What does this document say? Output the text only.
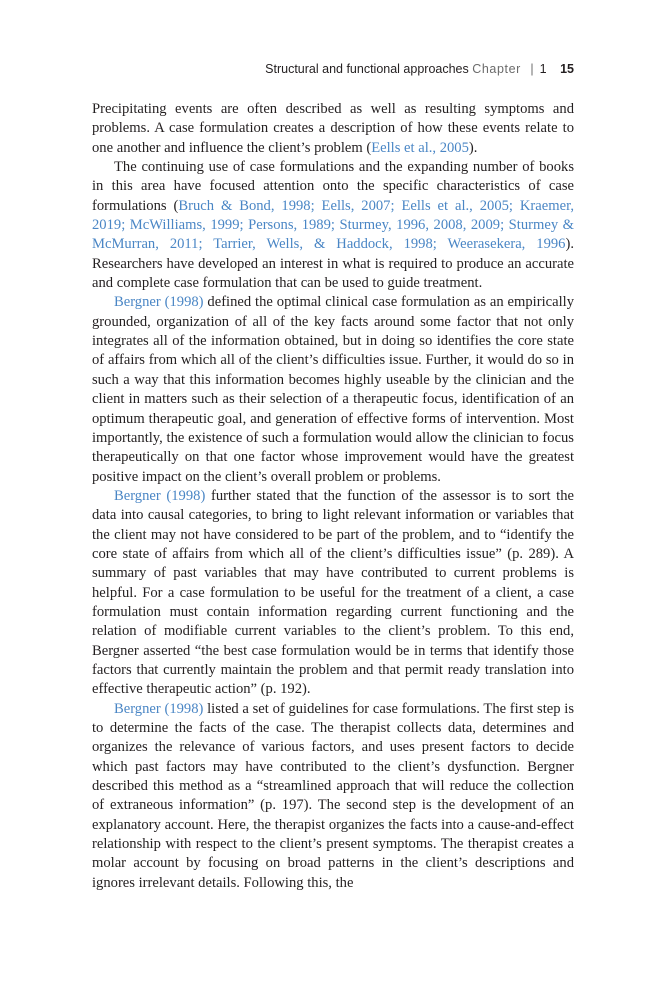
Structural and functional approaches Chapter | 1 15

Precipitating events are often described as well as resulting symptoms and problems. A case formulation creates a description of how these events relate to one another and influence the client’s problem (Eells et al., 2005).

The continuing use of case formulations and the expanding number of books in this area have focused attention onto the specific characteristics of case formulations (Bruch & Bond, 1998; Eells, 2007; Eells et al., 2005; Kraemer, 2019; McWilliams, 1999; Persons, 1989; Sturmey, 1996, 2008, 2009; Sturmey & McMurran, 2011; Tarrier, Wells, & Haddock, 1998; Weerasekera, 1996). Researchers have developed an interest in what is required to produce an accurate and complete case formulation that can be used to guide treatment.

Bergner (1998) defined the optimal clinical case formulation as an empirically grounded, organization of all of the key facts around some factor that not only integrates all of the information obtained, but in doing so identifies the core state of affairs from which all of the client’s difficulties issue. Further, it would do so in such a way that this information becomes highly useable by the clinician and the client in matters such as their selection of a therapeutic focus, identification of an optimum therapeutic goal, and generation of effective forms of intervention. Most importantly, the existence of such a formulation would allow the clinician to focus therapeutically on that one factor whose improvement would have the greatest positive impact on the client’s overall problem or problems.

Bergner (1998) further stated that the function of the assessor is to sort the data into causal categories, to bring to light relevant information or variables that the client may not have considered to be part of the problem, and to “identify the core state of affairs from which all of the client’s difficulties issue” (p. 289). A summary of past variables that may have contributed to current problems is helpful. For a case formulation to be useful for the treatment of a client, a case formulation must contain information regarding current functioning and the relation of modifiable current variables to the client’s problem. To this end, Bergner asserted “the best case formulation would be in terms that identify those factors that currently maintain the problem and that permit ready translation into effective therapeutic action” (p. 192).

Bergner (1998) listed a set of guidelines for case formulations. The first step is to determine the facts of the case. The therapist collects data, determines and organizes the relevance of various factors, and uses present factors to decide which past factors may have contributed to the client’s dysfunction. Bergner described this method as a “streamlined approach that will reduce the collection of extraneous information” (p. 197). The second step is the development of an explanatory account. Here, the therapist organizes the facts into a cause-and-effect relationship with respect to the client’s present symptoms. The therapist creates a molar account by focusing on broad patterns in the client’s descriptions and ignores irrelevant details. Following this, the
